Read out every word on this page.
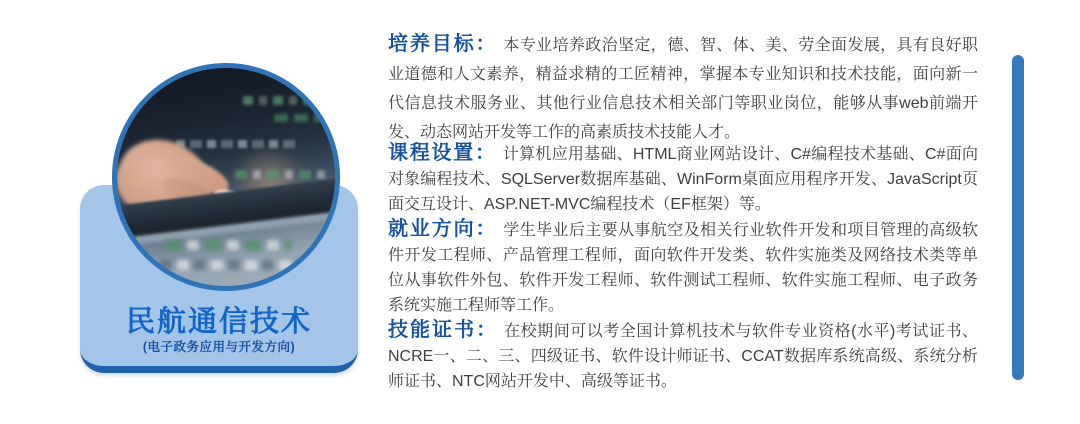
民航通信技术
(电子政务应用与开发方向)

培养目标： 本专业培养政治坚定，德、智、体、美、劳全面发展，具有良好职业道德和人文素养，精益求精的工匠精神，掌握本专业知识和技术技能，面向新一代信息技术服务业、其他行业信息技术相关部门等职业岗位，能够从事web前端开发、动态网站开发等工作的高素质技术技能人才。

课程设置： 计算机应用基础、HTML商业网站设计、C#编程技术基础、C#面向对象编程技术、SQLServer数据库基础、WinForm桌面应用程序开发、JavaScript页面交互设计、ASP.NET-MVC编程技术（EF框架）等。

就业方向： 学生毕业后主要从事航空及相关行业软件开发和项目管理的高级软件开发工程师、产品管理工程师，面向软件开发类、软件实施类及网络技术类等单位从事软件外包、软件开发工程师、软件测试工程师、软件实施工程师、电子政务系统实施工程师等工作。

技能证书： 在校期间可以考全国计算机技术与软件专业资格(水平)考试证书、NCRE一、二、三、四级证书、软件设计师证书、CCAT数据库系统高级、系统分析师证书、NTC网站开发中、高级等证书。
